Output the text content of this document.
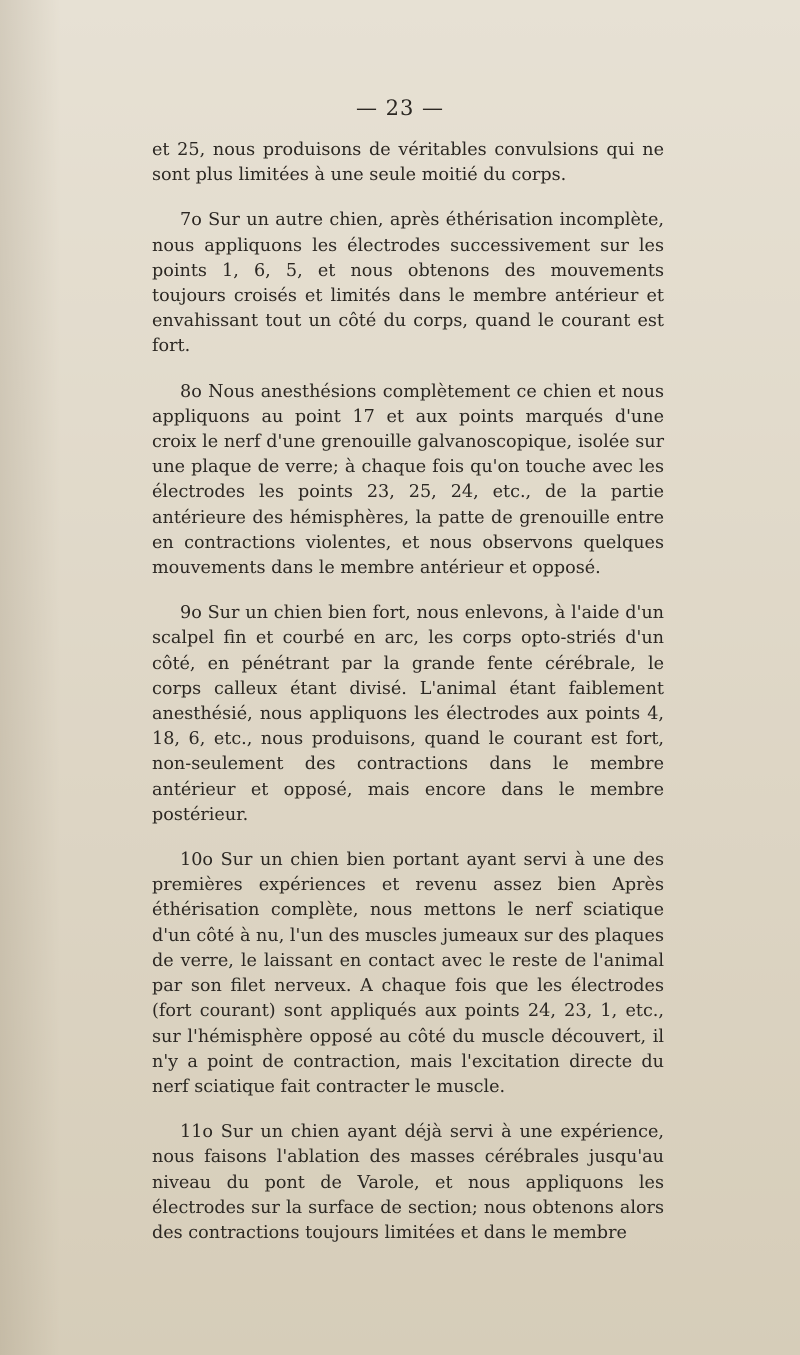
— 23 —

et 25, nous produisons de véritables convulsions qui ne sont plus limitées à une seule moitié du corps.

7o Sur un autre chien, après éthérisation incomplète, nous appliquons les électrodes successivement sur les points 1, 6, 5, et nous obtenons des mouvements toujours croisés et limités dans le membre antérieur et envahissant tout un côté du corps, quand le courant est fort.

8o Nous anesthésions complètement ce chien et nous appliquons au point 17 et aux points marqués d'une croix le nerf d'une grenouille galvanoscopique, isolée sur une plaque de verre; à chaque fois qu'on touche avec les électrodes les points 23, 25, 24, etc., de la partie antérieure des hémisphères, la patte de grenouille entre en contractions violentes, et nous observons quelques mouvements dans le membre antérieur et opposé.

9o Sur un chien bien fort, nous enlevons, à l'aide d'un scalpel fin et courbé en arc, les corps opto-striés d'un côté, en pénétrant par la grande fente cérébrale, le corps calleux étant divisé. L'animal étant faiblement anesthésié, nous appliquons les électrodes aux points 4, 18, 6, etc., nous produisons, quand le courant est fort, non-seulement des contractions dans le membre antérieur et opposé, mais encore dans le membre postérieur.

10o Sur un chien bien portant ayant servi à une des premières expériences et revenu assez bien Après éthérisation complète, nous mettons le nerf sciatique d'un côté à nu, l'un des muscles jumeaux sur des plaques de verre, le laissant en contact avec le reste de l'animal par son filet nerveux. A chaque fois que les électrodes (fort courant) sont appliqués aux points 24, 23, 1, etc., sur l'hémisphère opposé au côté du muscle découvert, il n'y a point de contraction, mais l'excitation directe du nerf sciatique fait contracter le muscle.

11o Sur un chien ayant déjà servi à une expérience, nous faisons l'ablation des masses cérébrales jusqu'au niveau du pont de Varole, et nous appliquons les électrodes sur la surface de section; nous obtenons alors des contractions toujours limitées et dans le membre
